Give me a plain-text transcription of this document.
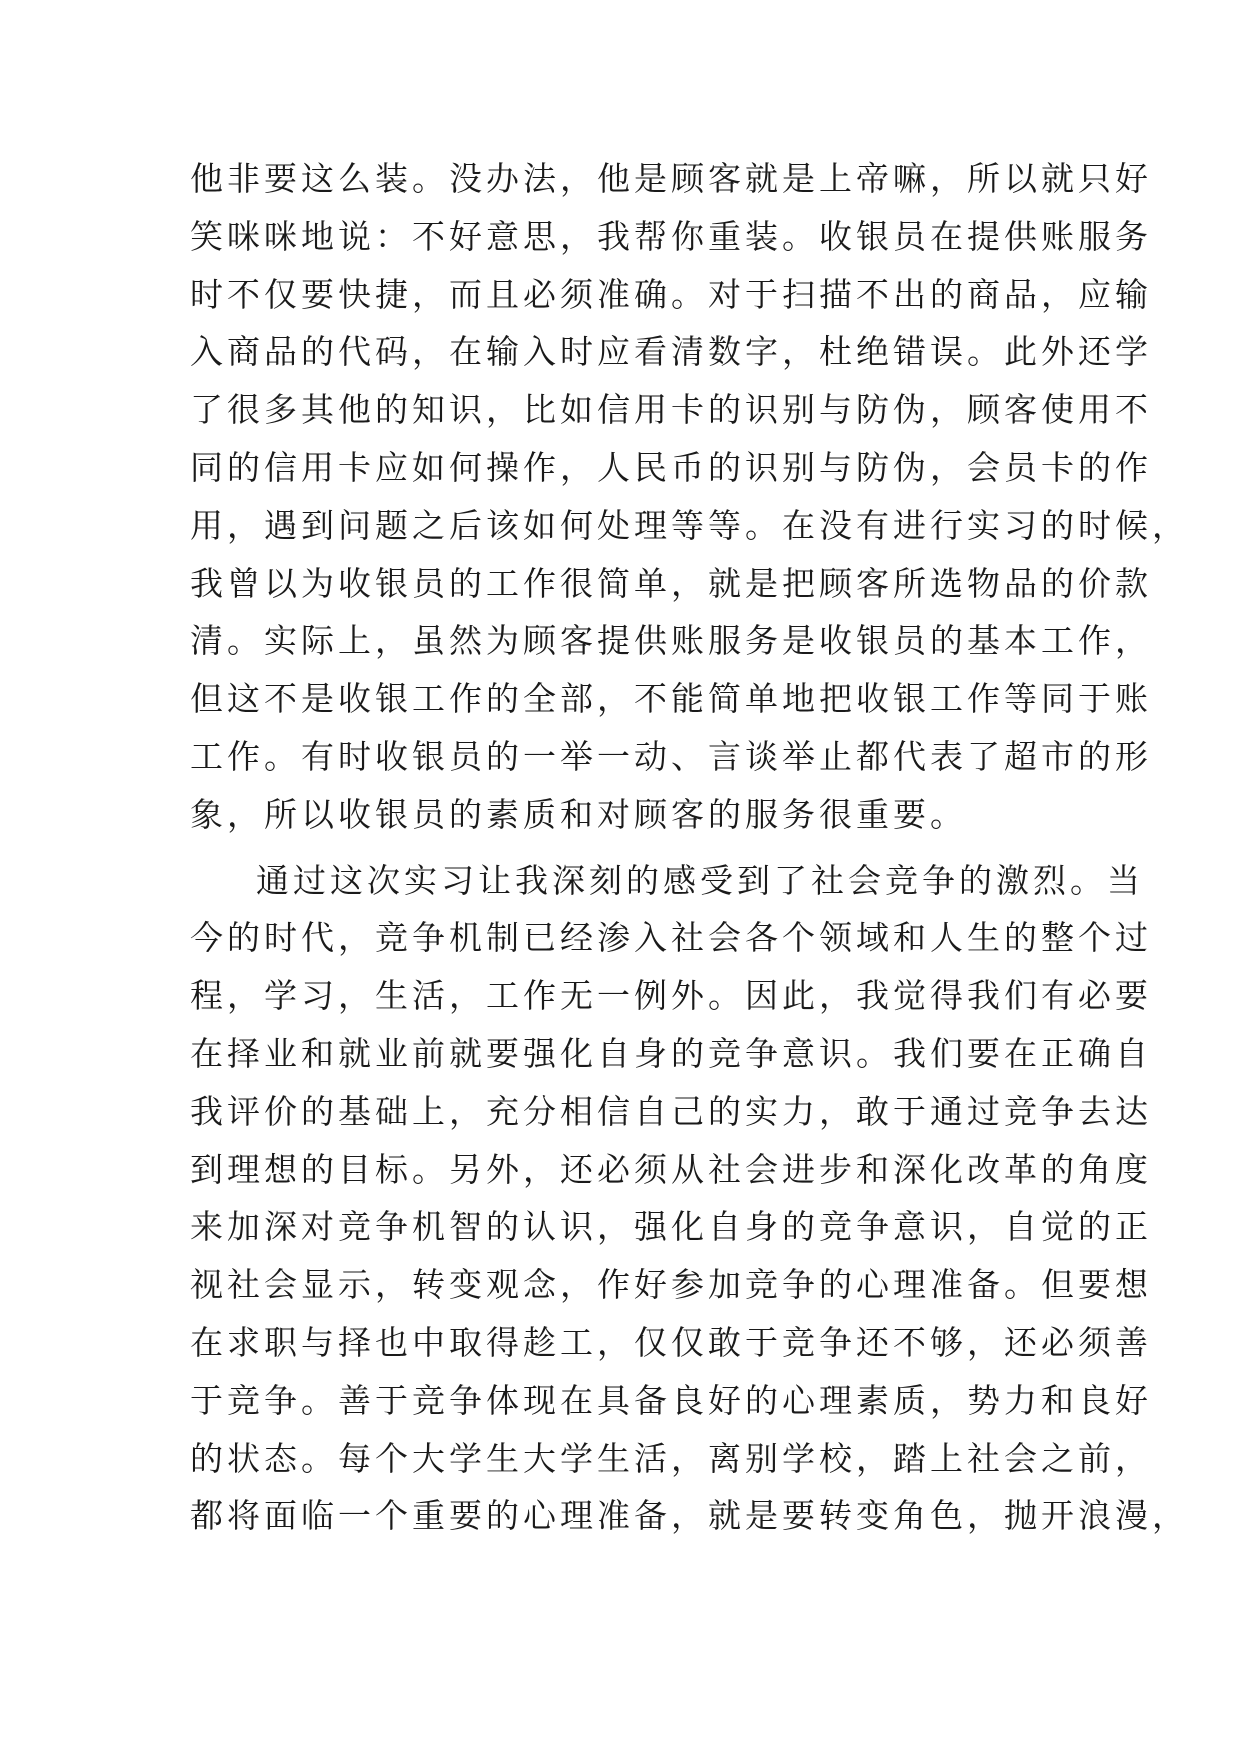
他非要这么装。没办法，他是顾客就是上帝嘛，所以就只好
笑咪咪地说：不好意思，我帮你重装。收银员在提供账服务
时不仅要快捷，而且必须准确。对于扫描不出的商品，应输
入商品的代码，在输入时应看清数字，杜绝错误。此外还学
了很多其他的知识，比如信用卡的识别与防伪，顾客使用不
同的信用卡应如何操作，人民币的识别与防伪，会员卡的作
用，遇到问题之后该如何处理等等。在没有进行实习的时候，
我曾以为收银员的工作很简单，就是把顾客所选物品的价款
清。实际上，虽然为顾客提供账服务是收银员的基本工作，
但这不是收银工作的全部，不能简单地把收银工作等同于账
工作。有时收银员的一举一动、言谈举止都代表了超市的形
象，所以收银员的素质和对顾客的服务很重要。
通过这次实习让我深刻的感受到了社会竞争的激烈。当
今的时代，竞争机制已经渗入社会各个领域和人生的整个过
程，学习，生活，工作无一例外。因此，我觉得我们有必要
在择业和就业前就要强化自身的竞争意识。我们要在正确自
我评价的基础上，充分相信自己的实力，敢于通过竞争去达
到理想的目标。另外，还必须从社会进步和深化改革的角度
来加深对竞争机智的认识，强化自身的竞争意识，自觉的正
视社会显示，转变观念，作好参加竞争的心理准备。但要想
在求职与择也中取得趁工，仅仅敢于竞争还不够，还必须善
于竞争。善于竞争体现在具备良好的心理素质，势力和良好
的状态。每个大学生大学生活，离别学校，踏上社会之前，
都将面临一个重要的心理准备，就是要转变角色，抛开浪漫，
